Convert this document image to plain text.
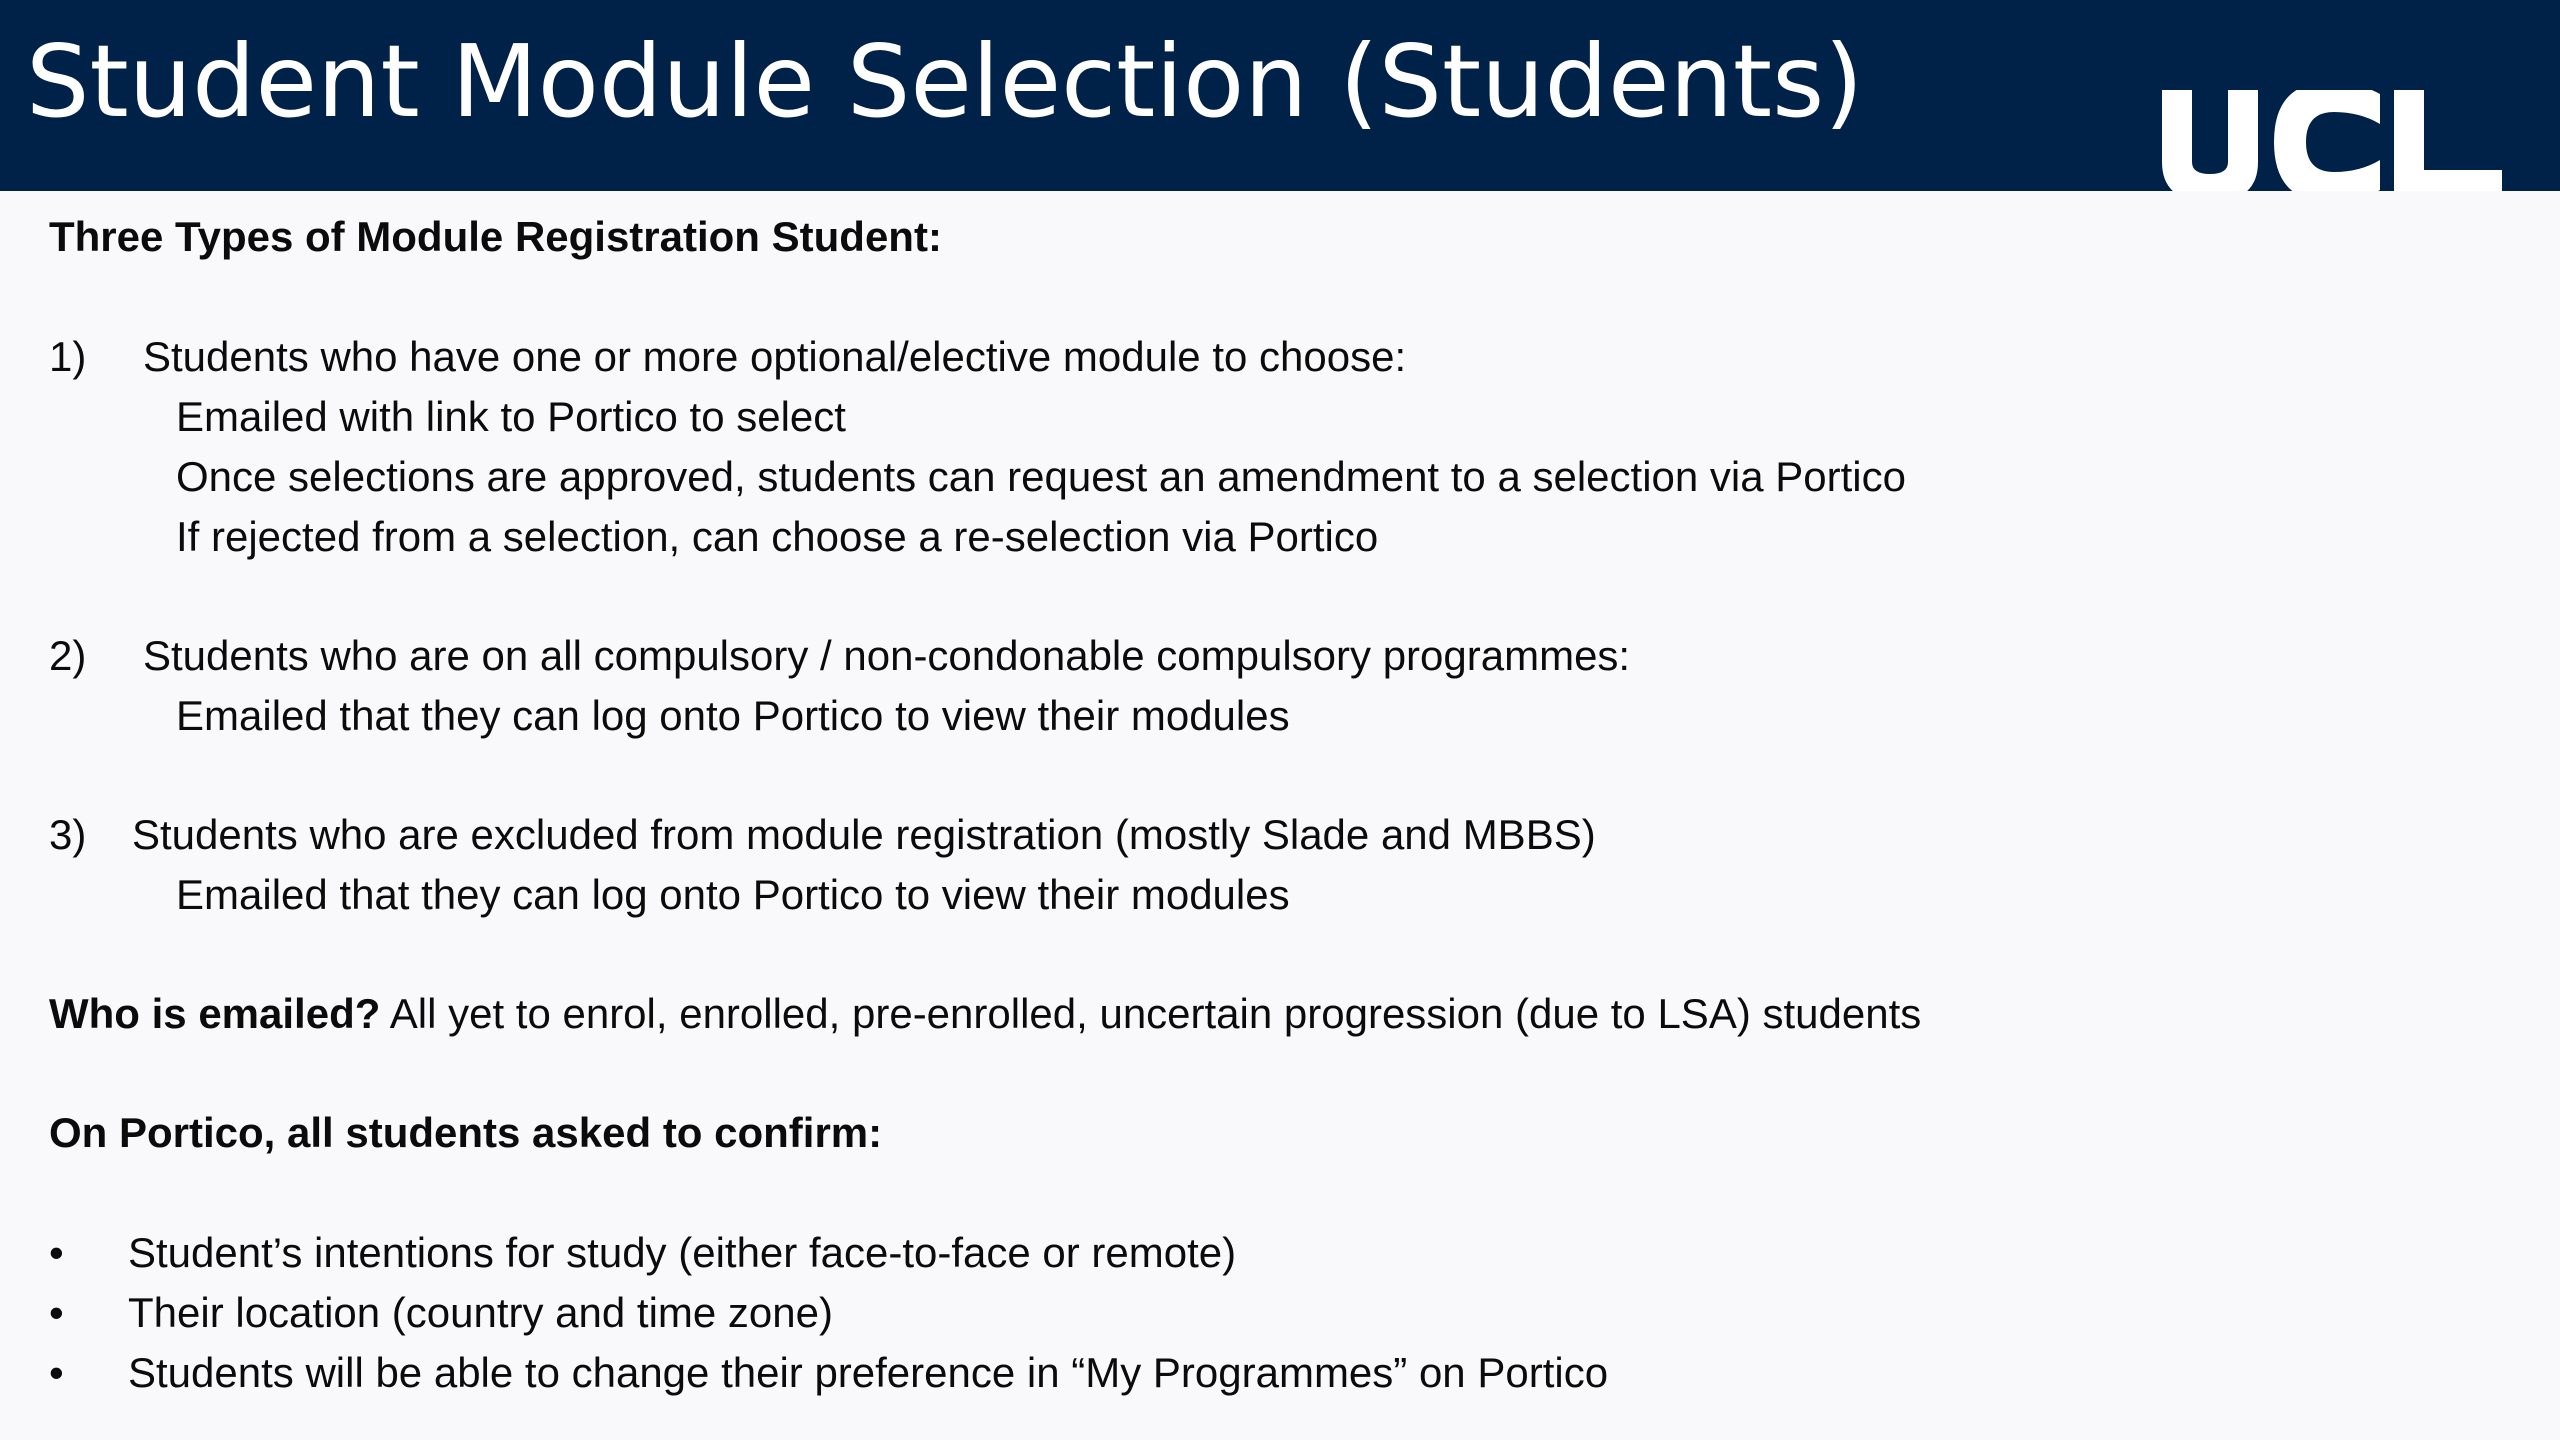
Student Module Selection (Students)
Three Types of Module Registration Student:
1) Students who have one or more optional/elective module to choose:
Emailed with link to Portico to select
Once selections are approved, students can request an amendment to a selection via Portico
If rejected from a selection, can choose a re-selection via Portico
2) Students who are on all compulsory / non-condonable compulsory programmes:
Emailed that they can log onto Portico to view their modules
3) Students who are excluded from module registration (mostly Slade and MBBS)
Emailed that they can log onto Portico to view their modules
Who is emailed? All yet to enrol, enrolled, pre-enrolled, uncertain progression (due to LSA) students
On Portico, all students asked to confirm:
• Student’s intentions for study (either face-to-face or remote)
• Their location (country and time zone)
• Students will be able to change their preference in “My Programmes” on Portico
